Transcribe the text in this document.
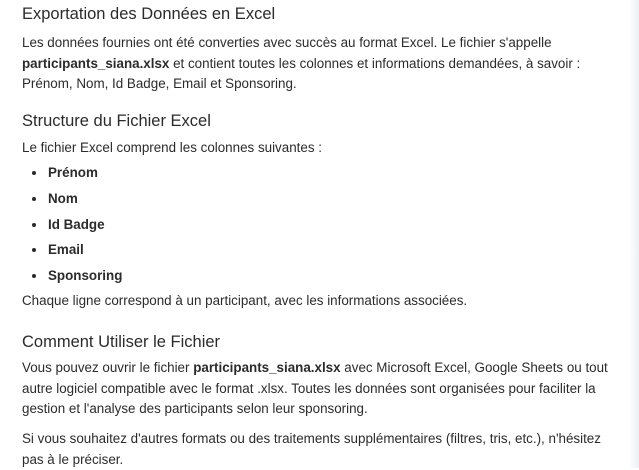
Exportation des Données en Excel

Les données fournies ont été converties avec succès au format Excel. Le fichier s'appelle participants_siana.xlsx et contient toutes les colonnes et informations demandées, à savoir : Prénom, Nom, Id Badge, Email et Sponsoring.

Structure du Fichier Excel

Le fichier Excel comprend les colonnes suivantes :

Prénom
Nom
Id Badge
Email
Sponsoring

Chaque ligne correspond à un participant, avec les informations associées.

Comment Utiliser le Fichier

Vous pouvez ouvrir le fichier participants_siana.xlsx avec Microsoft Excel, Google Sheets ou tout autre logiciel compatible avec le format .xlsx. Toutes les données sont organisées pour faciliter la gestion et l'analyse des participants selon leur sponsoring.

Si vous souhaitez d'autres formats ou des traitements supplémentaires (filtres, tris, etc.), n'hésitez pas à le préciser.
